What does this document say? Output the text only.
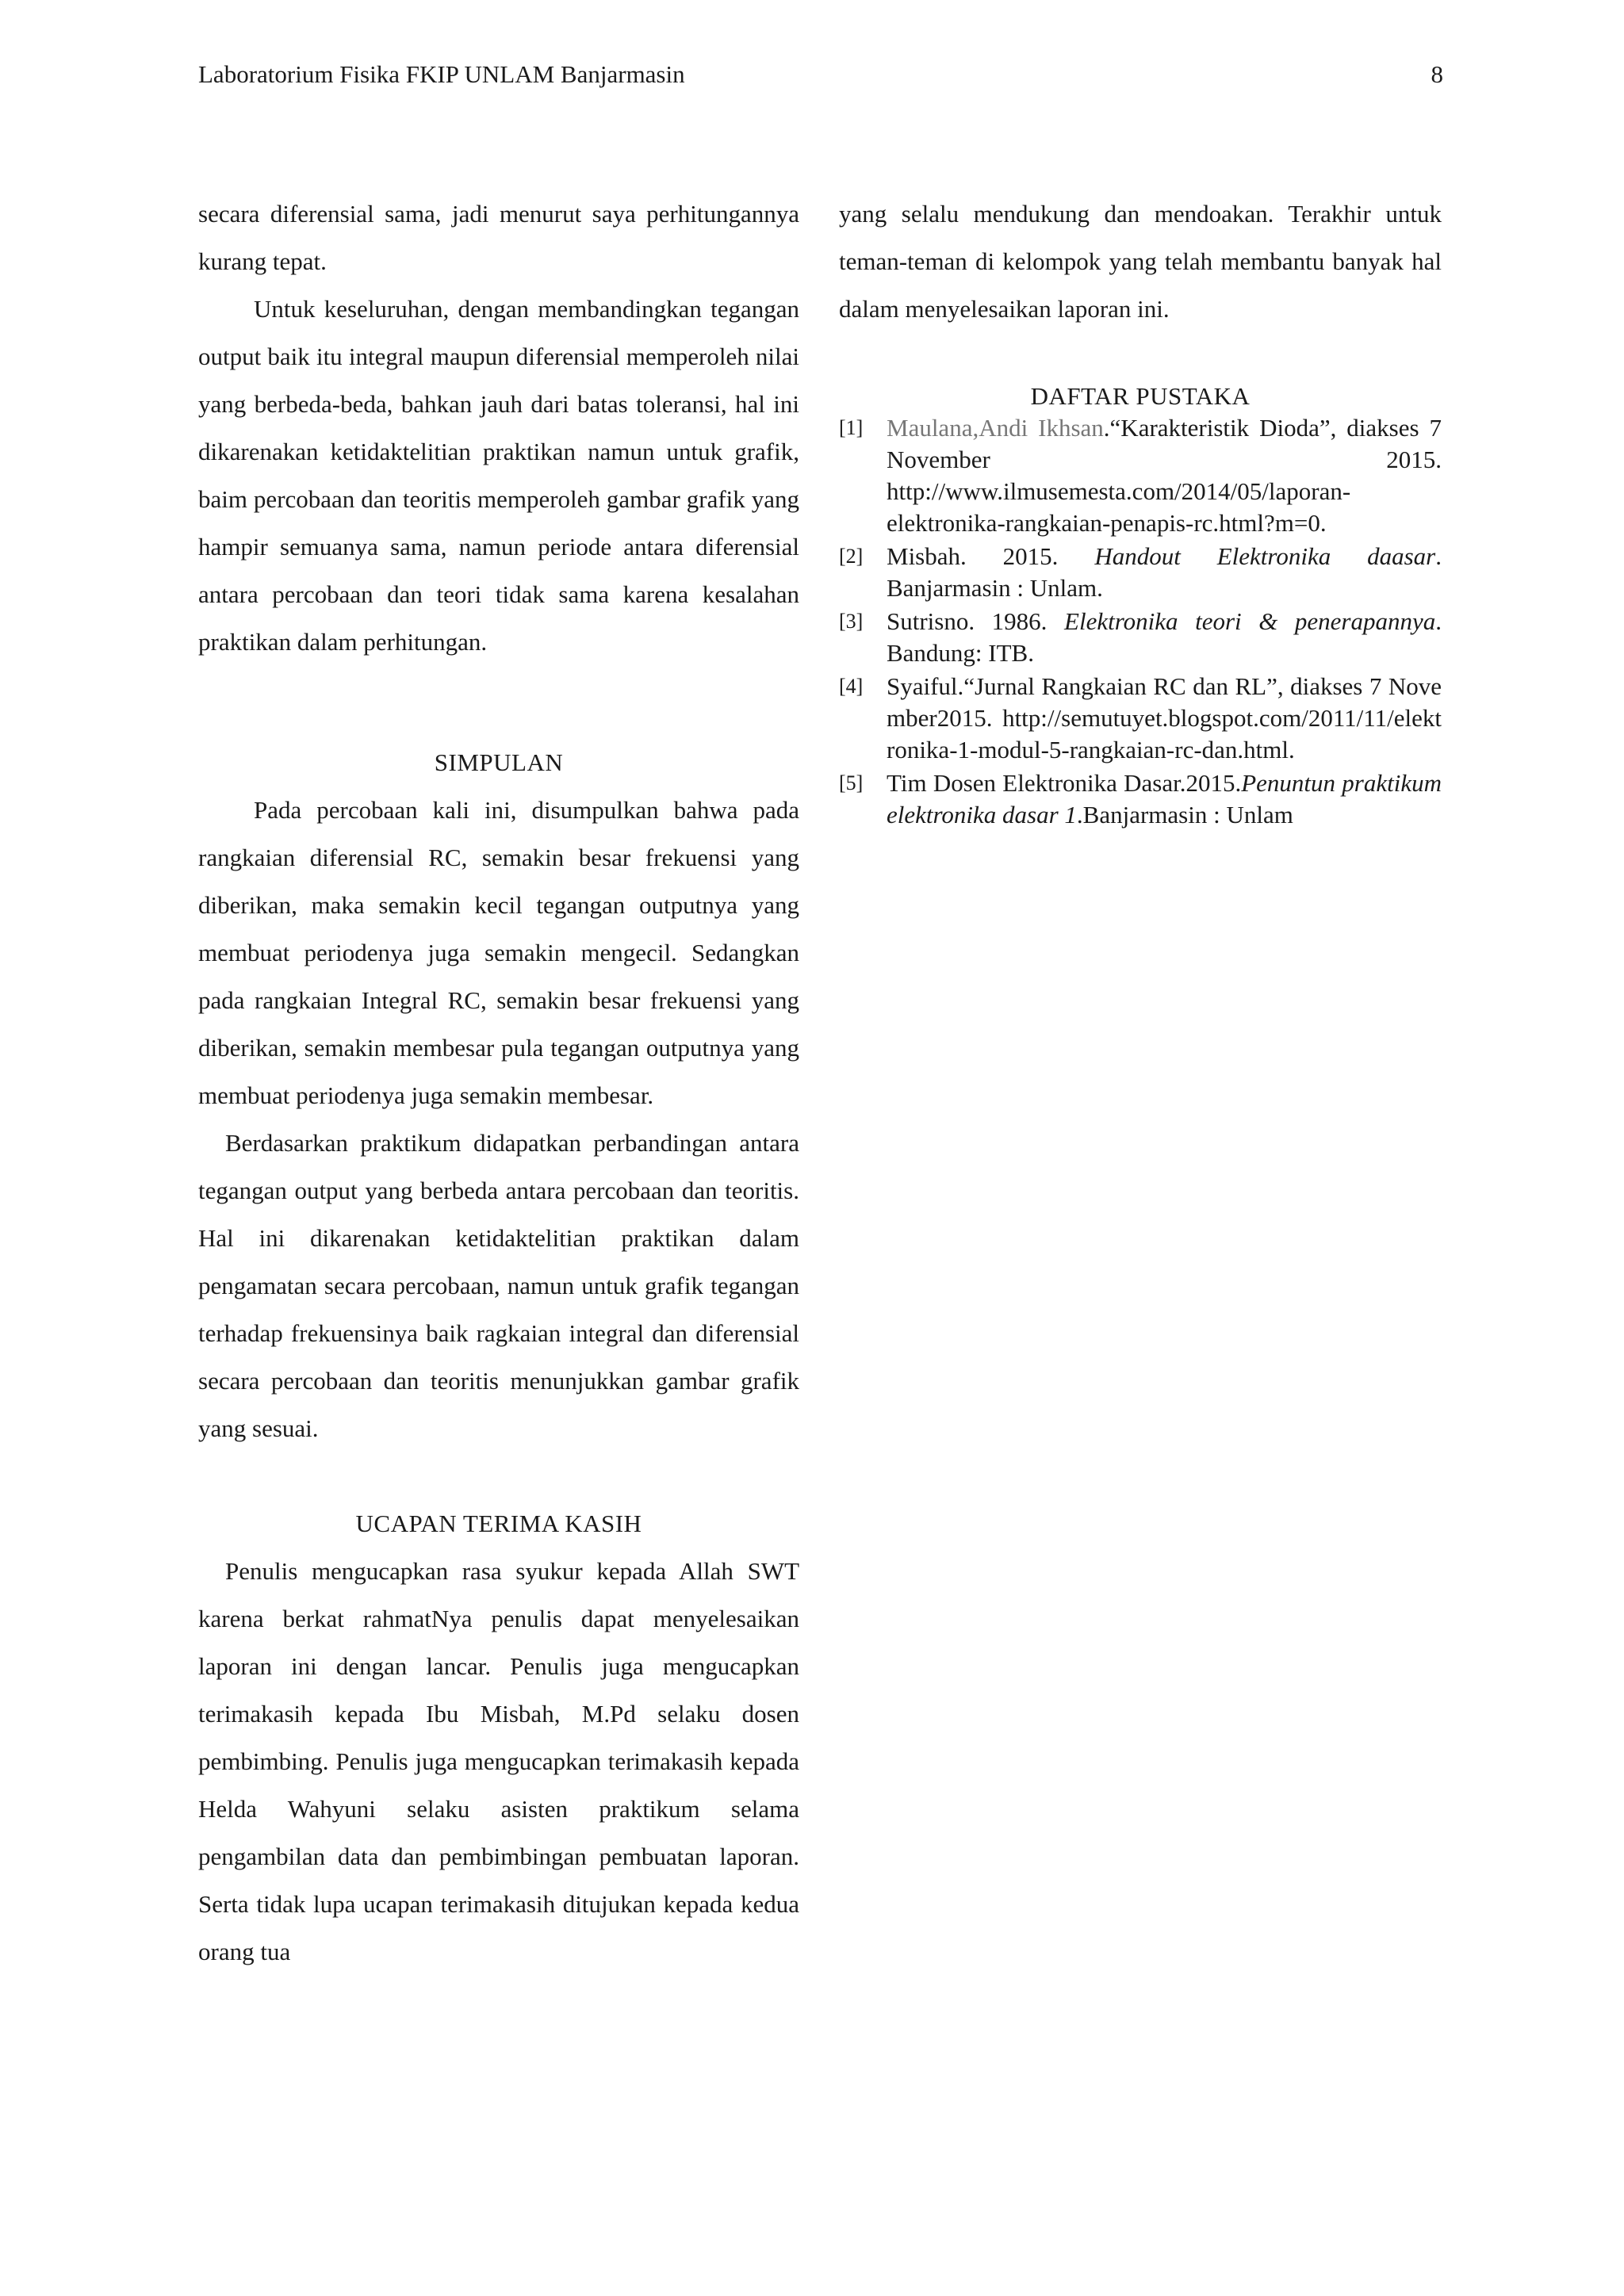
Laboratorium Fisika FKIP UNLAM Banjarmasin	8

secara diferensial sama, jadi menurut saya perhitungannya kurang tepat.

Untuk keseluruhan, dengan membandingkan tegangan output baik itu integral maupun diferensial memperoleh nilai yang berbeda-beda, bahkan jauh dari batas toleransi, hal ini dikarenakan ketidaktelitian praktikan namun untuk grafik, baim percobaan dan teoritis memperoleh gambar grafik yang hampir semuanya sama, namun periode antara diferensial antara percobaan dan teori tidak sama karena kesalahan praktikan dalam perhitungan.

SIMPULAN

Pada percobaan kali ini, disumpulkan bahwa pada rangkaian diferensial RC, semakin besar frekuensi yang diberikan, maka semakin kecil tegangan outputnya yang membuat periodenya juga semakin mengecil. Sedangkan pada rangkaian Integral RC, semakin besar frekuensi yang diberikan, semakin membesar pula tegangan outputnya yang membuat periodenya juga semakin membesar.

Berdasarkan praktikum didapatkan perbandingan antara tegangan output yang berbeda antara percobaan dan teoritis. Hal ini dikarenakan ketidaktelitian praktikan dalam pengamatan secara percobaan, namun untuk grafik tegangan terhadap frekuensinya baik ragkaian integral dan diferensial secara percobaan dan teoritis menunjukkan gambar grafik yang sesuai.

UCAPAN TERIMA KASIH

Penulis mengucapkan rasa syukur kepada Allah SWT karena berkat rahmatNya penulis dapat menyelesaikan laporan ini dengan lancar. Penulis juga mengucapkan terimakasih kepada Ibu Misbah, M.Pd selaku dosen pembimbing. Penulis juga mengucapkan terimakasih kepada Helda Wahyuni selaku asisten praktikum selama pengambilan data dan pembimbingan pembuatan laporan. Serta tidak lupa ucapan terimakasih ditujukan kepada kedua orang tua

yang selalu mendukung dan mendoakan. Terakhir untuk teman-teman di kelompok yang telah membantu banyak hal dalam menyelesaikan laporan ini.

DAFTAR PUSTAKA

[1] Maulana,Andi Ikhsan.“Karakteristik Dioda”, diakses 7 November 2015. http://www.ilmusemesta.com/2014/05/laporan-elektronika-rangkaian-penapis-rc.html?m=0.
[2] Misbah. 2015. Handout Elektronika daasar. Banjarmasin : Unlam.
[3] Sutrisno. 1986. Elektronika teori & penerapannya. Bandung: ITB.
[4] Syaiful.“Jurnal Rangkaian RC dan RL”, diakses 7 November2015. http://semutuyet.blogspot.com/2011/11/elektronika-1-modul-5-rangkaian-rc-dan.html.
[5] Tim Dosen Elektronika Dasar.2015.Penuntun praktikum elektronika dasar 1.Banjarmasin : Unlam
